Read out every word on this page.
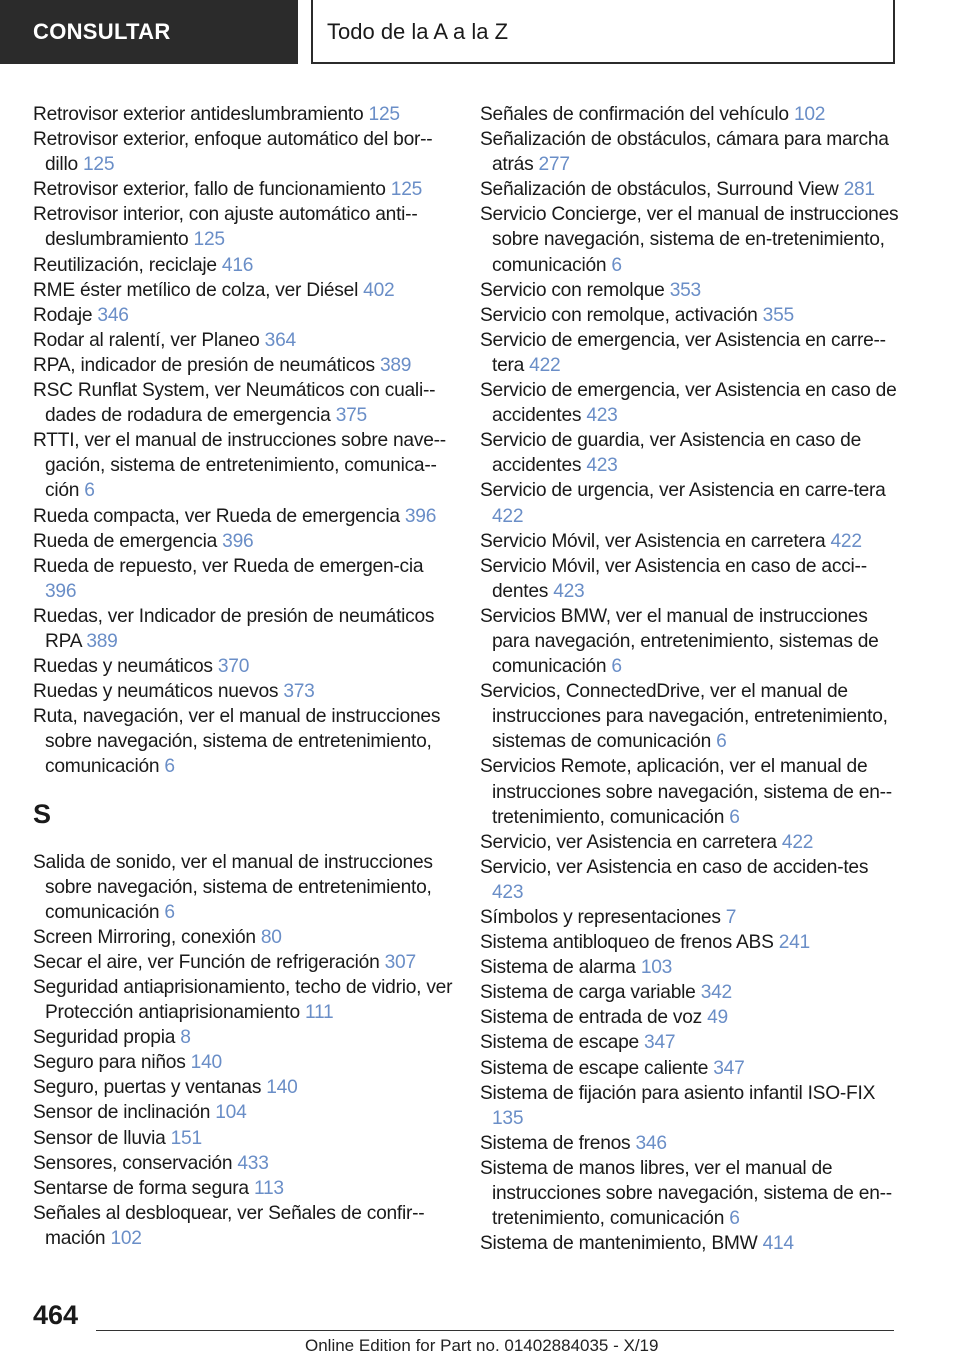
CONSULTAR	Todo de la A a la Z

Retrovisor exterior antideslumbramiento 125

Retrovisor exterior, enfoque automático del bor-dillo 125

Retrovisor exterior, fallo de funcionamiento 125

Retrovisor interior, con ajuste automático anti-deslumbramiento 125

Reutilización, reciclaje 416

RME éster metílico de colza, ver Diésel 402

Rodaje 346

Rodar al ralentí, ver Planeo 364

RPA, indicador de presión de neumáticos 389

RSC Runflat System, ver Neumáticos con cuali-dades de rodadura de emergencia 375

RTTI, ver el manual de instrucciones sobre nave-gación, sistema de entretenimiento, comunica-ción 6

Rueda compacta, ver Rueda de emergencia 396

Rueda de emergencia 396

Rueda de repuesto, ver Rueda de emergen-cia 396

Ruedas, ver Indicador de presión de neumáticos RPA 389

Ruedas y neumáticos 370

Ruedas y neumáticos nuevos 373

Ruta, navegación, ver el manual de instrucciones sobre navegación, sistema de entretenimiento, comunicación 6

S

Salida de sonido, ver el manual de instrucciones sobre navegación, sistema de entretenimiento, comunicación 6

Screen Mirroring, conexión 80

Secar el aire, ver Función de refrigeración 307

Seguridad antiaprisionamiento, techo de vidrio, ver Protección antiaprisionamiento 111

Seguridad propia 8

Seguro para niños 140

Seguro, puertas y ventanas 140

Sensor de inclinación 104

Sensor de lluvia 151

Sensores, conservación 433

Sentarse de forma segura 113

Señales al desbloquear, ver Señales de confir-mación 102

Señales de confirmación del vehículo 102

Señalización de obstáculos, cámara para marcha atrás 277

Señalización de obstáculos, Surround View 281

Servicio Concierge, ver el manual de instrucciones sobre navegación, sistema de en-tretenimiento, comunicación 6

Servicio con remolque 353

Servicio con remolque, activación 355

Servicio de emergencia, ver Asistencia en carre-tera 422

Servicio de emergencia, ver Asistencia en caso de accidentes 423

Servicio de guardia, ver Asistencia en caso de accidentes 423

Servicio de urgencia, ver Asistencia en carre-tera 422

Servicio Móvil, ver Asistencia en carretera 422

Servicio Móvil, ver Asistencia en caso de acci-dentes 423

Servicios BMW, ver el manual de instrucciones para navegación, entretenimiento, sistemas de comunicación 6

Servicios, ConnectedDrive, ver el manual de instrucciones para navegación, entretenimiento, sistemas de comunicación 6

Servicios Remote, aplicación, ver el manual de instrucciones sobre navegación, sistema de en-tretenimiento, comunicación 6

Servicio, ver Asistencia en carretera 422

Servicio, ver Asistencia en caso de acciden-tes 423

Símbolos y representaciones 7

Sistema antibloqueo de frenos ABS 241

Sistema de alarma 103

Sistema de carga variable 342

Sistema de entrada de voz 49

Sistema de escape 347

Sistema de escape caliente 347

Sistema de fijación para asiento infantil ISO-FIX 135

Sistema de frenos 346

Sistema de manos libres, ver el manual de instrucciones sobre navegación, sistema de en-tretenimiento, comunicación 6

Sistema de mantenimiento, BMW 414

464
Online Edition for Part no. 01402884035 - X/19
